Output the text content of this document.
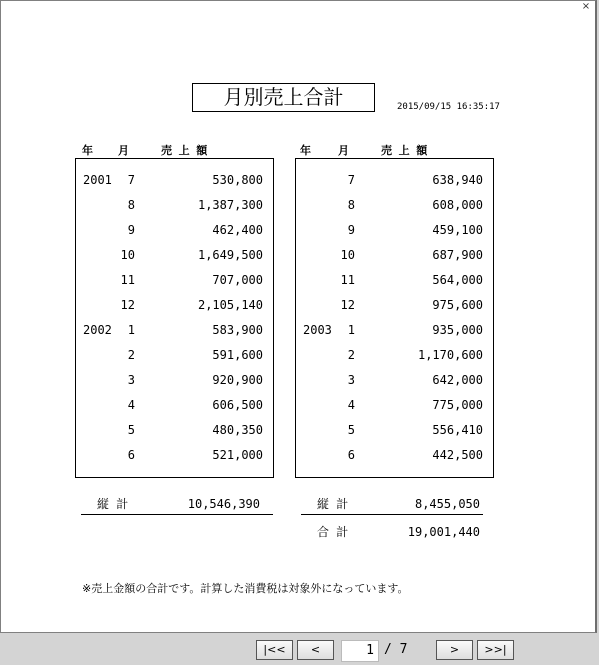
×
月別売上合計	2015/09/15 16:35:17
年 月	売 上 額	年 月	売 上 額
2001	7	530,800
8	1,387,300
9	462,400
10	1,649,500
11	707,000
12	2,105,140
2002	1	583,900
2	591,600
3	920,900
4	606,500
5	480,350
6	521,000
7	638,940
8	608,000
9	459,100
10	687,900
11	564,000
12	975,600
2003	1	935,000
2	1,170,600
3	642,000
4	775,000
5	556,410
6	442,500
縦 計	10,546,390	縦 計	8,455,050
合 計	19,001,440
※売上金額の合計です。計算した消費税は対象外になっています。
|<<	<	1 / 7	>	>>|
